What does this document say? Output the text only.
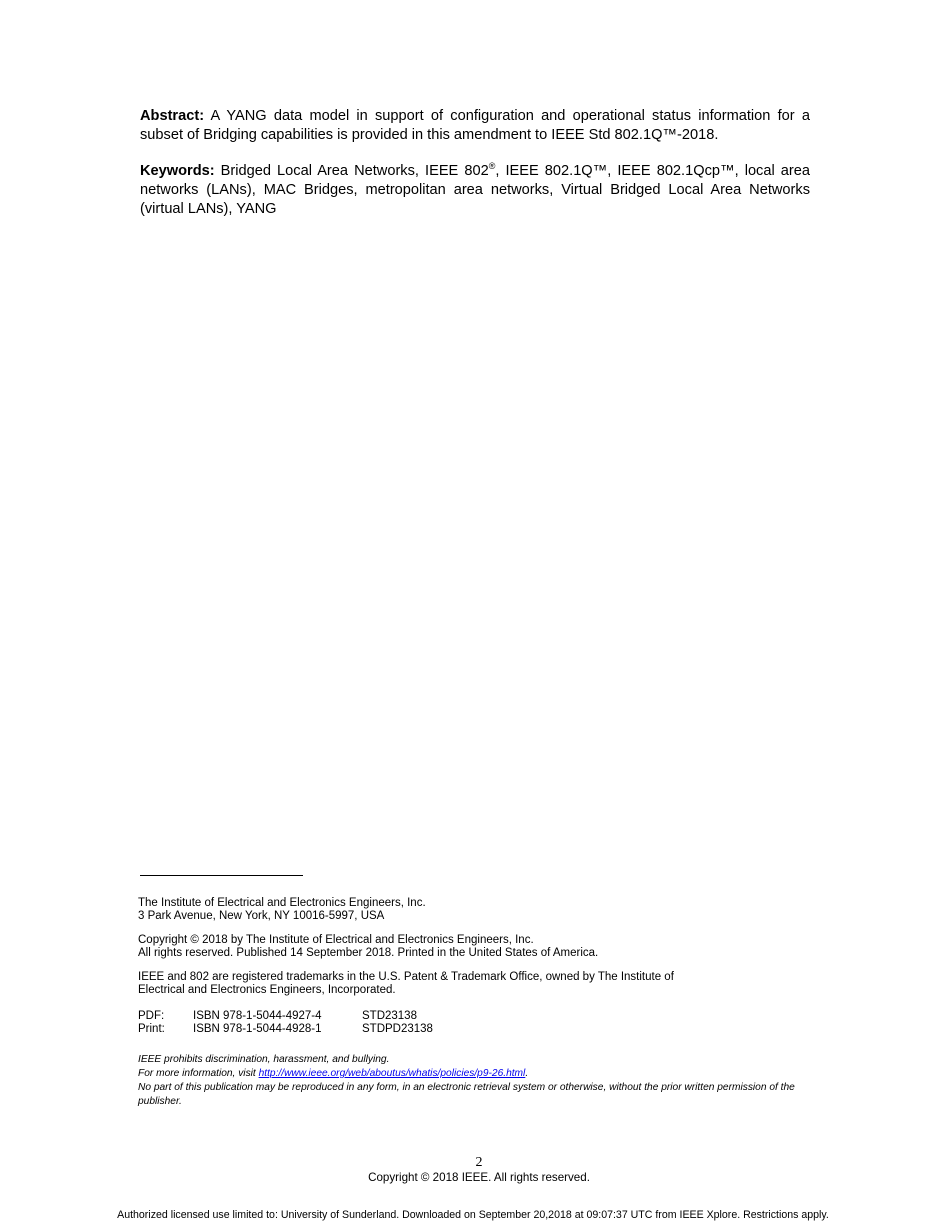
Abstract: A YANG data model in support of configuration and operational status information for a subset of Bridging capabilities is provided in this amendment to IEEE Std 802.1Q™-2018.
Keywords: Bridged Local Area Networks, IEEE 802®, IEEE 802.1Q™, IEEE 802.1Qcp™, local area networks (LANs), MAC Bridges, metropolitan area networks, Virtual Bridged Local Area Networks (virtual LANs), YANG
The Institute of Electrical and Electronics Engineers, Inc.
3 Park Avenue, New York, NY 10016-5997, USA
Copyright © 2018 by The Institute of Electrical and Electronics Engineers, Inc.
All rights reserved. Published 14 September 2018. Printed in the United States of America.
IEEE and 802 are registered trademarks in the U.S. Patent & Trademark Office, owned by The Institute of
Electrical and Electronics Engineers, Incorporated.
PDF:	ISBN 978-1-5044-4927-4	STD23138
Print:	ISBN 978-1-5044-4928-1	STDPD23138
IEEE prohibits discrimination, harassment, and bullying.
For more information, visit http://www.ieee.org/web/aboutus/whatis/policies/p9-26.html.
No part of this publication may be reproduced in any form, in an electronic retrieval system or otherwise, without the prior written permission of the publisher.
2
Copyright © 2018 IEEE. All rights reserved.
Authorized licensed use limited to: University of Sunderland. Downloaded on September 20,2018 at 09:07:37 UTC from IEEE Xplore. Restrictions apply.
